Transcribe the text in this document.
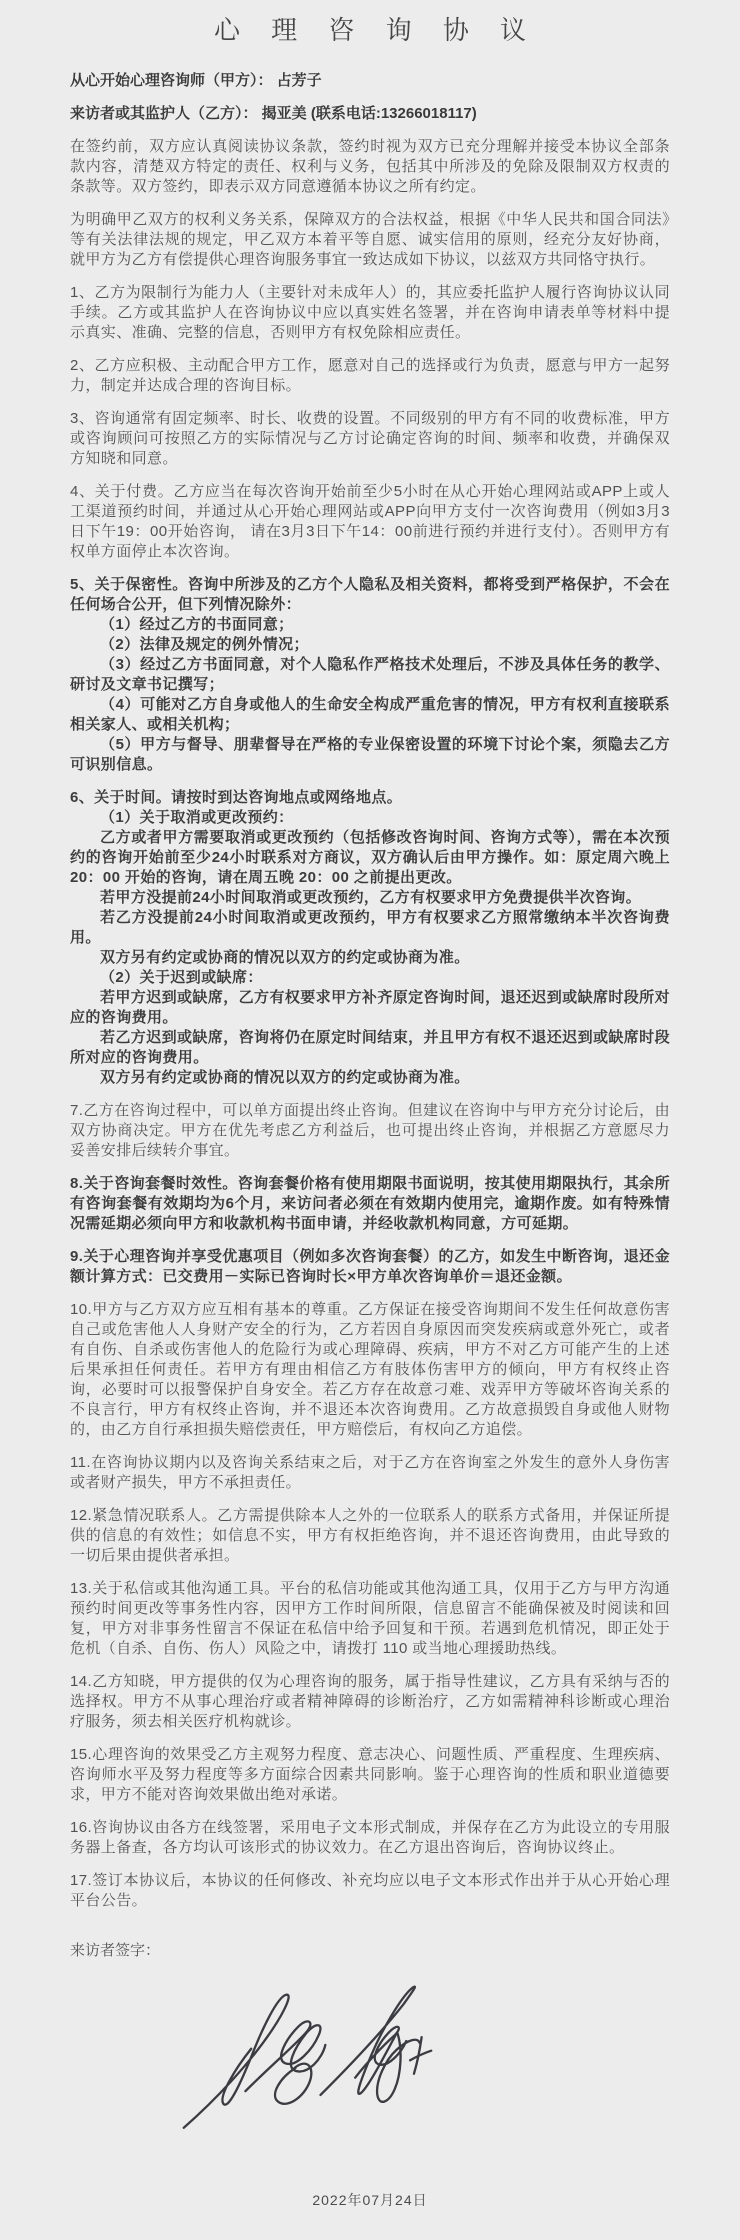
心 理 咨 询 协 议

从心开始心理咨询师（甲方）： 占芳子

来访者或其监护人（乙方）： 揭亚美 (联系电话:13266018117)

在签约前，双方应认真阅读协议条款，签约时视为双方已充分理解并接受本协议全部条款内容，清楚双方特定的责任、权利与义务，包括其中所涉及的免除及限制双方权责的条款等。双方签约，即表示双方同意遵循本协议之所有约定。

为明确甲乙双方的权利义务关系，保障双方的合法权益，根据《中华人民共和国合同法》等有关法律法规的规定，甲乙双方本着平等自愿、诚实信用的原则，经充分友好协商，就甲方为乙方有偿提供心理咨询服务事宜一致达成如下协议，以兹双方共同恪守执行。

1、乙方为限制行为能力人（主要针对未成年人）的，其应委托监护人履行咨询协议认同手续。乙方或其监护人在咨询协议中应以真实姓名签署，并在咨询申请表单等材料中提示真实、准确、完整的信息，否则甲方有权免除相应责任。

2、乙方应积极、主动配合甲方工作，愿意对自己的选择或行为负责，愿意与甲方一起努力，制定并达成合理的咨询目标。

3、咨询通常有固定频率、时长、收费的设置。不同级别的甲方有不同的收费标准，甲方或咨询顾问可按照乙方的实际情况与乙方讨论确定咨询的时间、频率和收费，并确保双方知晓和同意。

4、关于付费。乙方应当在每次咨询开始前至少5小时在从心开始心理网站或APP上或人工渠道预约时间，并通过从心开始心理网站或APP向甲方支付一次咨询费用（例如3月3日下午19：00开始咨询， 请在3月3日下午14：00前进行预约并进行支付）。否则甲方有权单方面停止本次咨询。

5、关于保密性。咨询中所涉及的乙方个人隐私及相关资料，都将受到严格保护，不会在任何场合公开，但下列情况除外：

（1）经过乙方的书面同意；

（2）法律及规定的例外情况；

（3）经过乙方书面同意，对个人隐私作严格技术处理后，不涉及具体任务的教学、研讨及文章书记撰写；

（4）可能对乙方自身或他人的生命安全构成严重危害的情况，甲方有权利直接联系相关家人、或相关机构；

（5）甲方与督导、朋辈督导在严格的专业保密设置的环境下讨论个案，须隐去乙方可识别信息。

6、关于时间。请按时到达咨询地点或网络地点。

（1）关于取消或更改预约：

乙方或者甲方需要取消或更改预约（包括修改咨询时间、咨询方式等），需在本次预约的咨询开始前至少24小时联系对方商议，双方确认后由甲方操作。如：原定周六晚上 20：00 开始的咨询，请在周五晚 20：00 之前提出更改。

若甲方没提前24小时间取消或更改预约，乙方有权要求甲方免费提供半次咨询。

若乙方没提前24小时间取消或更改预约，甲方有权要求乙方照常缴纳本半次咨询费用。

双方另有约定或协商的情况以双方的约定或协商为准。

（2）关于迟到或缺席：

若甲方迟到或缺席，乙方有权要求甲方补齐原定咨询时间，退还迟到或缺席时段所对应的咨询费用。

若乙方迟到或缺席，咨询将仍在原定时间结束，并且甲方有权不退还迟到或缺席时段所对应的咨询费用。

双方另有约定或协商的情况以双方的约定或协商为准。

7.乙方在咨询过程中，可以单方面提出终止咨询。但建议在咨询中与甲方充分讨论后，由双方协商决定。甲方在优先考虑乙方利益后，也可提出终止咨询，并根据乙方意愿尽力妥善安排后续转介事宜。

8.关于咨询套餐时效性。咨询套餐价格有使用期限书面说明，按其使用期限执行，其余所有咨询套餐有效期均为6个月，来访问者必须在有效期内使用完，逾期作废。如有特殊情况需延期必须向甲方和收款机构书面申请，并经收款机构同意，方可延期。

9.关于心理咨询并享受优惠项目（例如多次咨询套餐）的乙方，如发生中断咨询，退还金额计算方式：已交费用－实际已咨询时长×甲方单次咨询单价＝退还金额。

10.甲方与乙方双方应互相有基本的尊重。乙方保证在接受咨询期间不发生任何故意伤害自己或危害他人人身财产安全的行为，乙方若因自身原因而突发疾病或意外死亡，或者有自伤、自杀或伤害他人的危险行为或心理障碍、疾病，甲方不对乙方可能产生的上述后果承担任何责任。若甲方有理由相信乙方有肢体伤害甲方的倾向，甲方有权终止咨询，必要时可以报警保护自身安全。若乙方存在故意刁难、戏弄甲方等破坏咨询关系的不良言行，甲方有权终止咨询，并不退还本次咨询费用。乙方故意损毁自身或他人财物的，由乙方自行承担损失赔偿责任，甲方赔偿后，有权向乙方追偿。

11.在咨询协议期内以及咨询关系结束之后，对于乙方在咨询室之外发生的意外人身伤害或者财产损失，甲方不承担责任。

12.紧急情况联系人。乙方需提供除本人之外的一位联系人的联系方式备用，并保证所提供的信息的有效性；如信息不实，甲方有权拒绝咨询，并不退还咨询费用，由此导致的一切后果由提供者承担。

13.关于私信或其他沟通工具。平台的私信功能或其他沟通工具，仅用于乙方与甲方沟通预约时间更改等事务性内容，因甲方工作时间所限，信息留言不能确保被及时阅读和回复，甲方对非事务性留言不保证在私信中给予回复和干预。若遇到危机情况，即正处于危机（自杀、自伤、伤人）风险之中，请拨打 110 或当地心理援助热线。

14.乙方知晓，甲方提供的仅为心理咨询的服务，属于指导性建议，乙方具有采纳与否的选择权。甲方不从事心理治疗或者精神障碍的诊断治疗，乙方如需精神科诊断或心理治疗服务，须去相关医疗机构就诊。

15.心理咨询的效果受乙方主观努力程度、意志决心、问题性质、严重程度、生理疾病、咨询师水平及努力程度等多方面综合因素共同影响。鉴于心理咨询的性质和职业道德要求，甲方不能对咨询效果做出绝对承诺。

16.咨询协议由各方在线签署，采用电子文本形式制成，并保存在乙方为此设立的专用服务器上备查，各方均认可该形式的协议效力。在乙方退出咨询后，咨询协议终止。

17.签订本协议后，本协议的任何修改、补充均应以电子文本形式作出并于从心开始心理平台公告。

来访者签字：

2022年07月24日
